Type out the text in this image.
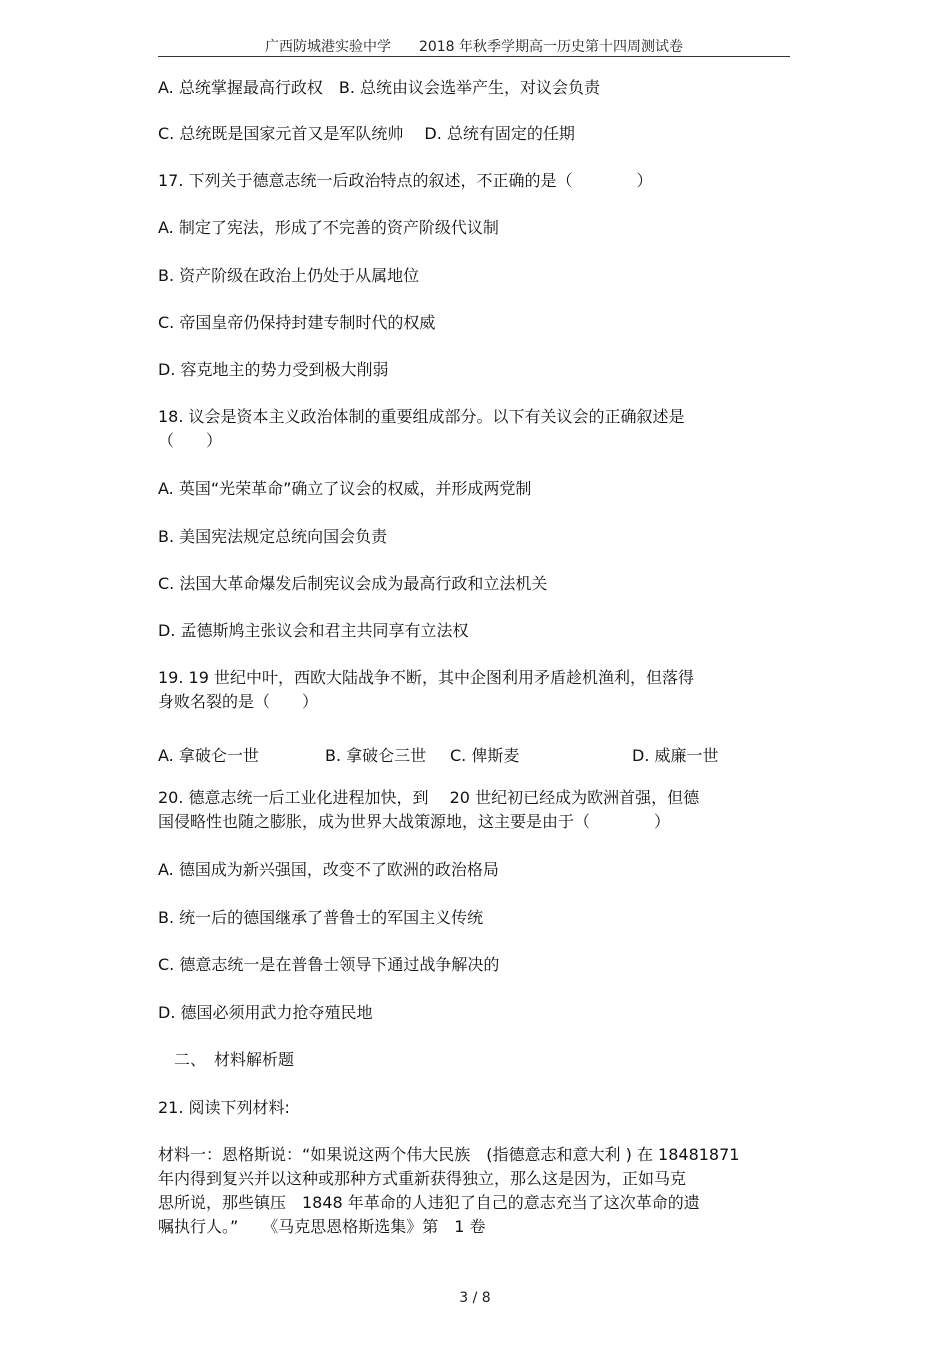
广西防城港实验中学　　2018 年秋季学期高一历史第十四周测试卷
A. 总统掌握最高行政权　B. 总统由议会选举产生，对议会负责
C. 总统既是国家元首又是军队统帅　 D. 总统有固定的任期
17. 下列关于德意志统一后政治特点的叙述，不正确的是（　　　　）
A. 制定了宪法，形成了不完善的资产阶级代议制
B. 资产阶级在政治上仍处于从属地位
C. 帝国皇帝仍保持封建专制时代的权威
D. 容克地主的势力受到极大削弱
18. 议会是资本主义政治体制的重要组成部分。以下有关议会的正确叙述是
（　　）
A. 英国“光荣革命”确立了议会的权威，并形成两党制
B. 美国宪法规定总统向国会负责
C. 法国大革命爆发后制宪议会成为最高行政和立法机关
D. 孟德斯鸠主张议会和君主共同享有立法权
19. 19 世纪中叶，西欧大陆战争不断，其中企图利用矛盾趁机渔利，但落得
身败名裂的是（　　）
A. 拿破仑一世	B. 拿破仑三世 C. 俾斯麦	D. 威廉一世
20. 德意志统一后工业化进程加快，到　 20 世纪初已经成为欧洲首强，但德
国侵略性也随之膨胀，成为世界大战策源地，这主要是由于（　　　　）
A. 德国成为新兴强国，改变不了欧洲的政治格局
B. 统一后的德国继承了普鲁士的军国主义传统
C. 德意志统一是在普鲁士领导下通过战争解决的
D. 德国必须用武力抢夺殖民地
　二、　材料解析题
21. 阅读下列材料:
材料一：恩格斯说：“如果说这两个伟大民族　(指德意志和意大利 ) 在 18481871
年内得到复兴并以这种或那种方式重新获得独立，那么这是因为，正如马克
思所说，那些镇压　1848 年革命的人违犯了自己的意志充当了这次革命的遗
嘱执行人。”　　《马克思恩格斯选集》第　1 卷
3 / 8
